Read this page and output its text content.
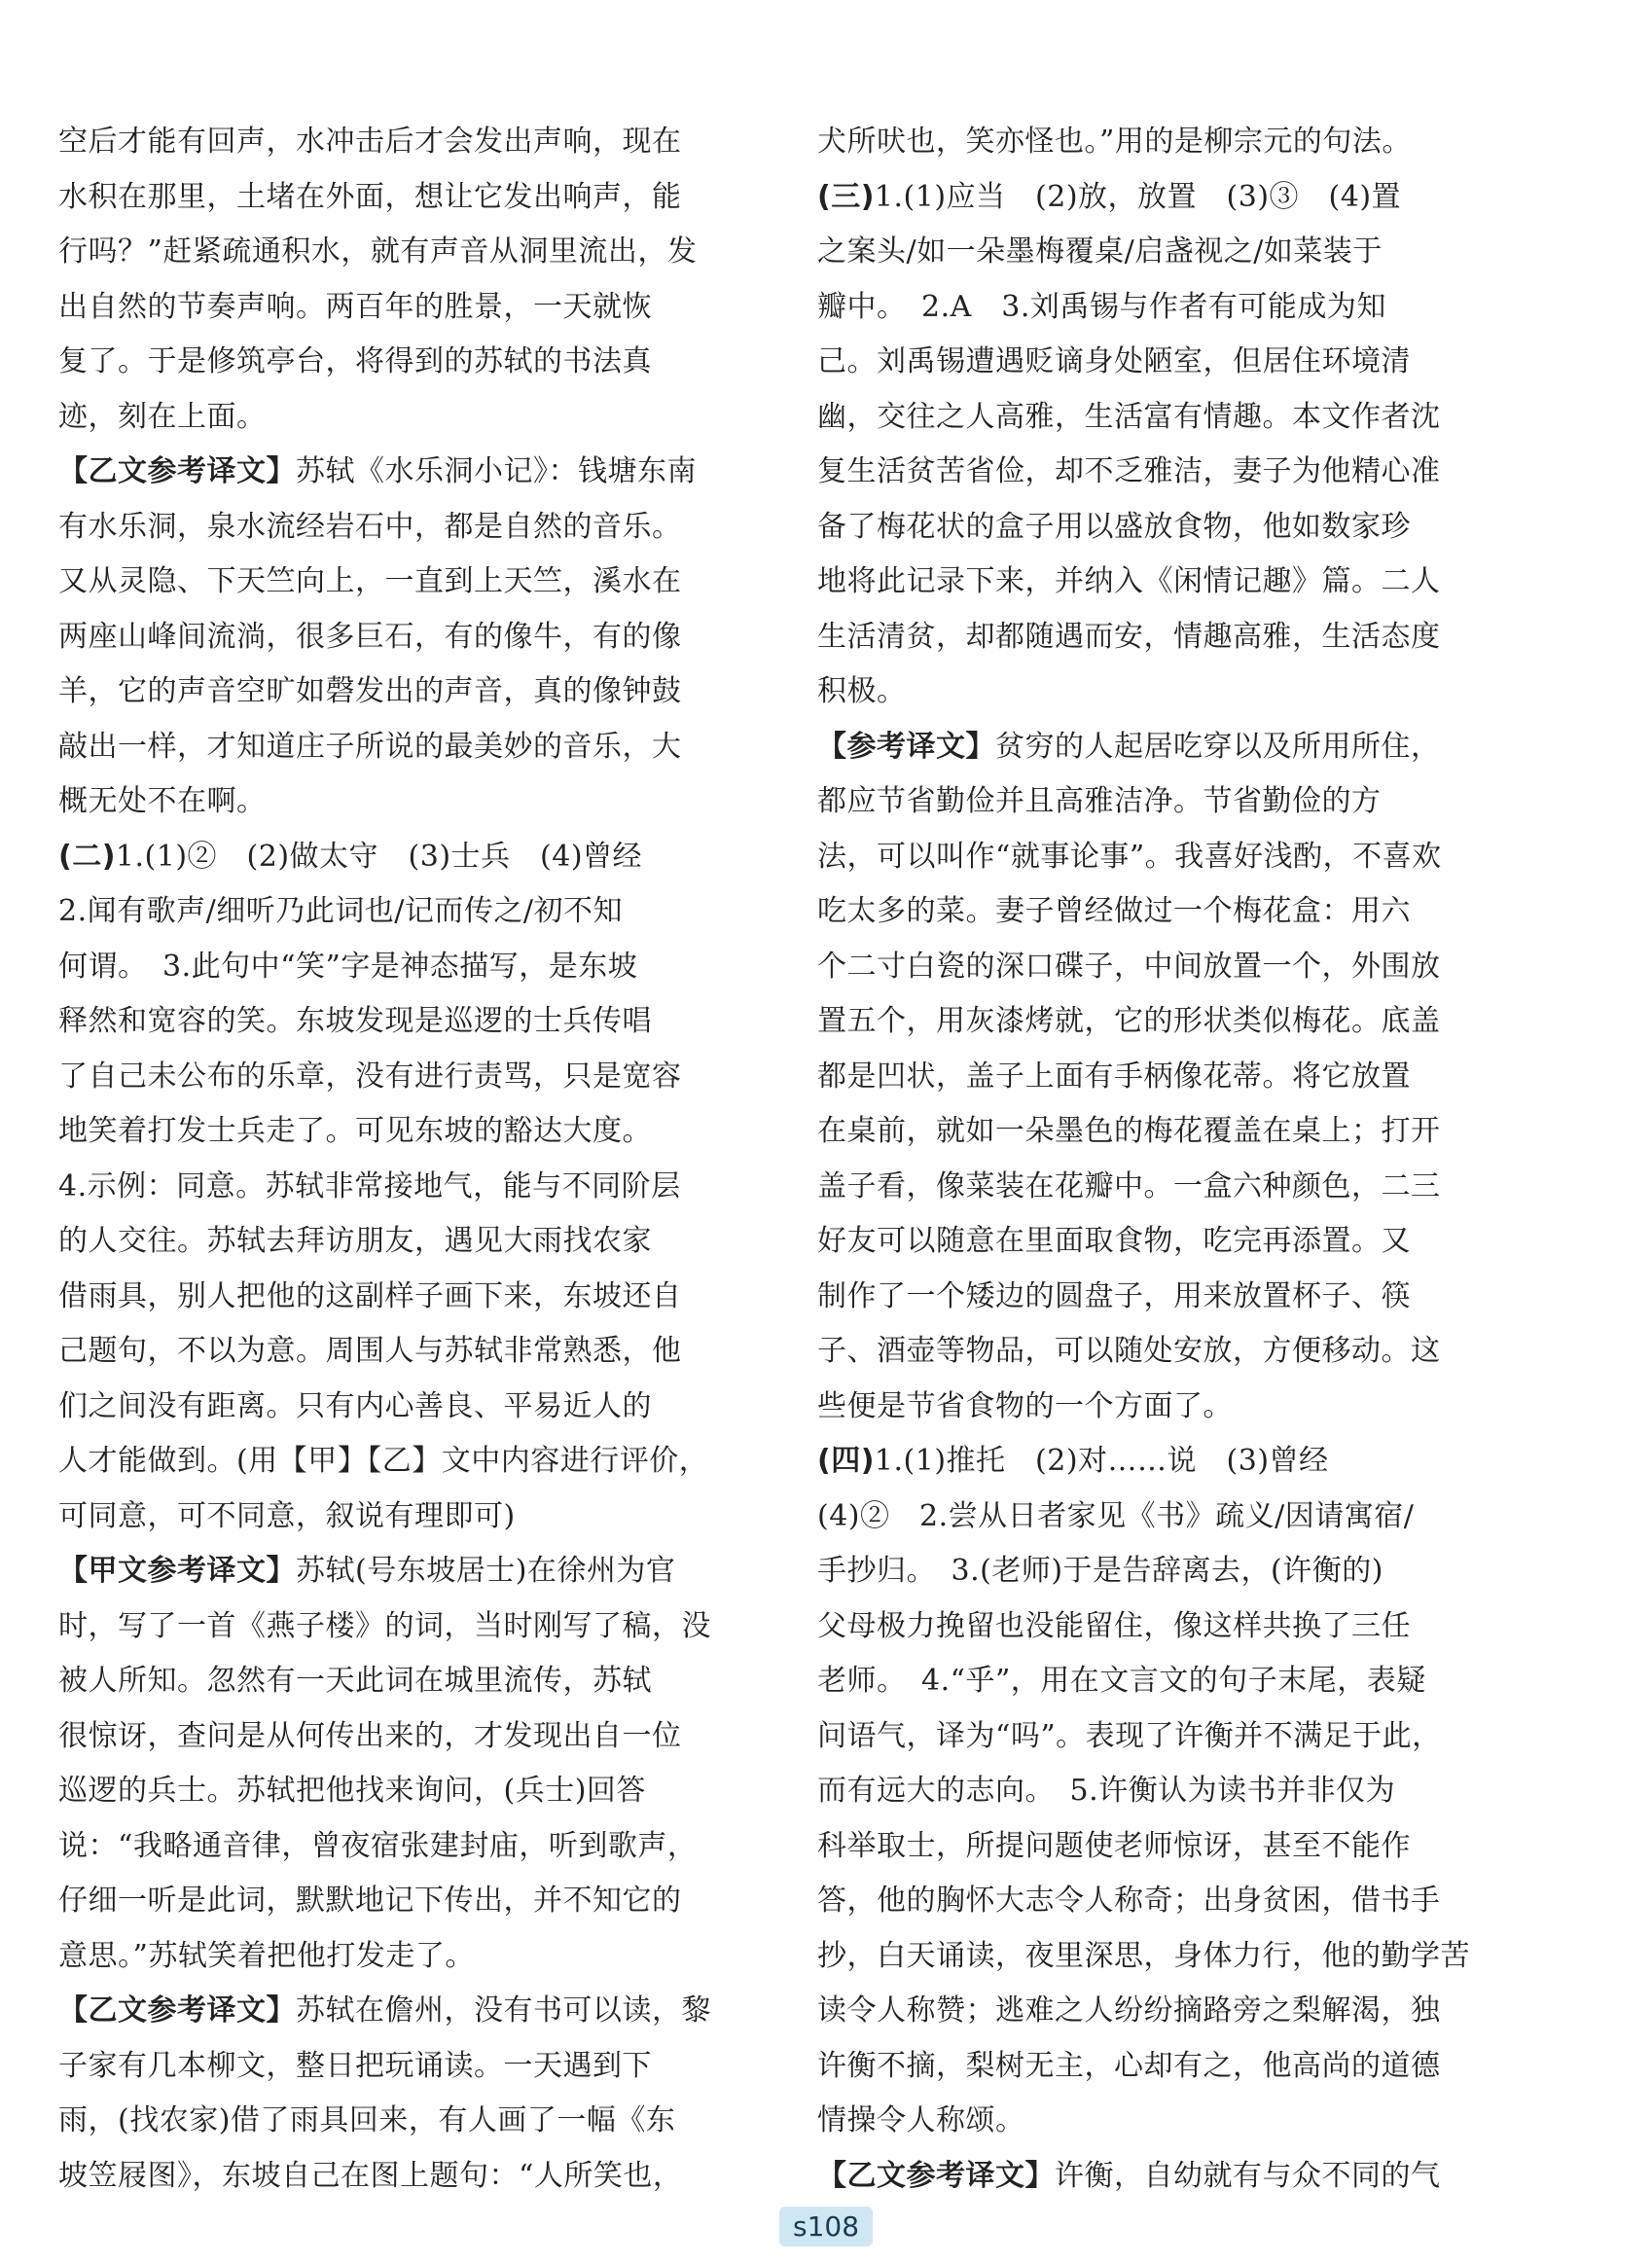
空后才能有回声，水冲击后才会发出声响，现在
水积在那里，土堵在外面，想让它发出响声，能
行吗？”赶紧疏通积水，就有声音从洞里流出，发
出自然的节奏声响。两百年的胜景，一天就恢
复了。于是修筑亭台，将得到的苏轼的书法真
迹，刻在上面。
【乙文参考译文】苏轼《水乐洞小记》：钱塘东南
有水乐洞，泉水流经岩石中，都是自然的音乐。
又从灵隐、下天竺向上，一直到上天竺，溪水在
两座山峰间流淌，很多巨石，有的像牛，有的像
羊，它的声音空旷如磬发出的声音，真的像钟鼓
敲出一样，才知道庄子所说的最美妙的音乐，大
概无处不在啊。
(二)1.(1)②　(2)做太守　(3)士兵　(4)曾经
2.闻有歌声/细听乃此词也/记而传之/初不知
何谓。　3.此句中“笑”字是神态描写，是东坡
释然和宽容的笑。东坡发现是巡逻的士兵传唱
了自己未公布的乐章，没有进行责骂，只是宽容
地笑着打发士兵走了。可见东坡的豁达大度。
4.示例：同意。苏轼非常接地气，能与不同阶层
的人交往。苏轼去拜访朋友，遇见大雨找农家
借雨具，别人把他的这副样子画下来，东坡还自
己题句，不以为意。周围人与苏轼非常熟悉，他
们之间没有距离。只有内心善良、平易近人的
人才能做到。(用【甲】【乙】文中内容进行评价，
可同意，可不同意，叙说有理即可)
【甲文参考译文】苏轼(号东坡居士)在徐州为官
时，写了一首《燕子楼》的词，当时刚写了稿，没
被人所知。忽然有一天此词在城里流传，苏轼
很惊讶，查问是从何传出来的，才发现出自一位
巡逻的兵士。苏轼把他找来询问，(兵士)回答
说：“我略通音律，曾夜宿张建封庙，听到歌声，
仔细一听是此词，默默地记下传出，并不知它的
意思。”苏轼笑着把他打发走了。
【乙文参考译文】苏轼在儋州，没有书可以读，黎
子家有几本柳文，整日把玩诵读。一天遇到下
雨，(找农家)借了雨具回来，有人画了一幅《东
坡笠屐图》，东坡自己在图上题句：“人所笑也，
犬所吠也，笑亦怪也。”用的是柳宗元的句法。
(三)1.(1)应当　(2)放，放置　(3)③　(4)置
之案头/如一朵墨梅覆桌/启盏视之/如菜装于
瓣中。　2.A　3.刘禹锡与作者有可能成为知
己。刘禹锡遭遇贬谪身处陋室，但居住环境清
幽，交往之人高雅，生活富有情趣。本文作者沈
复生活贫苦省俭，却不乏雅洁，妻子为他精心准
备了梅花状的盒子用以盛放食物，他如数家珍
地将此记录下来，并纳入《闲情记趣》篇。二人
生活清贫，却都随遇而安，情趣高雅，生活态度
积极。
【参考译文】贫穷的人起居吃穿以及所用所住，
都应节省勤俭并且高雅洁净。节省勤俭的方
法，可以叫作“就事论事”。我喜好浅酌，不喜欢
吃太多的菜。妻子曾经做过一个梅花盒：用六
个二寸白瓷的深口碟子，中间放置一个，外围放
置五个，用灰漆烤就，它的形状类似梅花。底盖
都是凹状，盖子上面有手柄像花蒂。将它放置
在桌前，就如一朵墨色的梅花覆盖在桌上；打开
盖子看，像菜装在花瓣中。一盒六种颜色，二三
好友可以随意在里面取食物，吃完再添置。又
制作了一个矮边的圆盘子，用来放置杯子、筷
子、酒壶等物品，可以随处安放，方便移动。这
些便是节省食物的一个方面了。
(四)1.(1)推托　(2)对……说　(3)曾经
(4)②　2.尝从日者家见《书》疏义/因请寓宿/
手抄归。　3.(老师)于是告辞离去，(许衡的)
父母极力挽留也没能留住，像这样共换了三任
老师。　4.“乎”，用在文言文的句子末尾，表疑
问语气，译为“吗”。表现了许衡并不满足于此，
而有远大的志向。　5.许衡认为读书并非仅为
科举取士，所提问题使老师惊讶，甚至不能作
答，他的胸怀大志令人称奇；出身贫困，借书手
抄，白天诵读，夜里深思，身体力行，他的勤学苦
读令人称赞；逃难之人纷纷摘路旁之梨解渴，独
许衡不摘，梨树无主，心却有之，他高尚的道德
情操令人称颂。
【乙文参考译文】许衡，自幼就有与众不同的气
s108
